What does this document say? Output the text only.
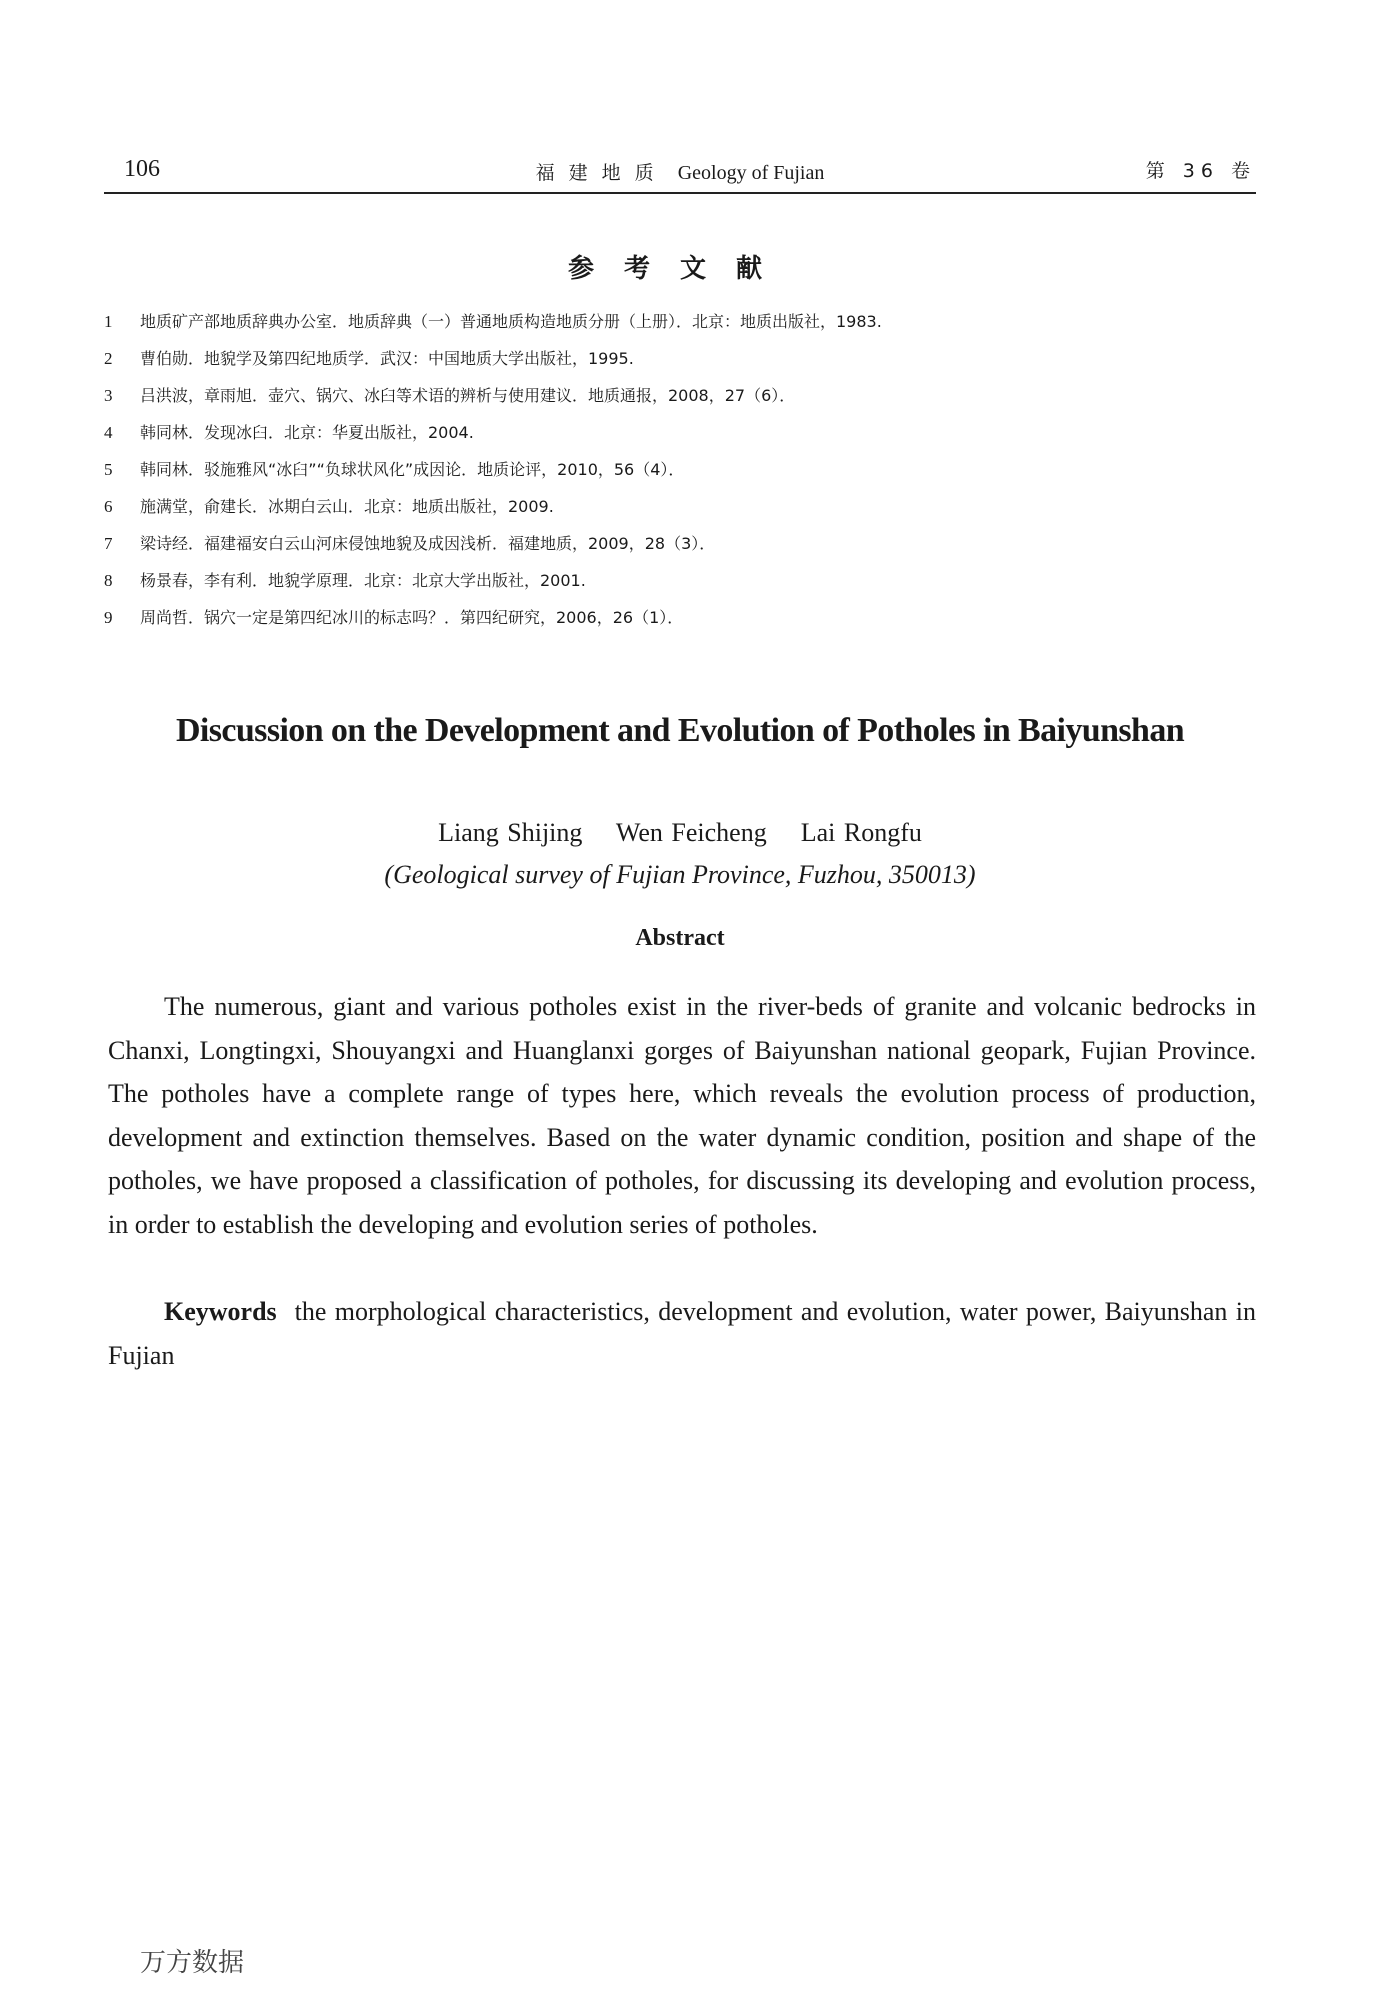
106	福建地质 Geology of Fujian	第 36 卷
参考文献
1 地质矿产部地质辞典办公室．地质辞典（一）普通地质构造地质分册（上册）．北京：地质出版社，1983.
2 曹伯勋．地貌学及第四纪地质学．武汉：中国地质大学出版社，1995.
3 吕洪波，章雨旭．壶穴、锅穴、冰臼等术语的辨析与使用建议．地质通报，2008，27（6）．
4 韩同林．发现冰臼．北京：华夏出版社，2004.
5 韩同林．驳施雅风“冰臼”“负球状风化”成因论．地质论评，2010，56（4）．
6 施满堂，俞建长．冰期白云山．北京：地质出版社，2009.
7 梁诗经．福建福安白云山河床侵蚀地貌及成因浅析．福建地质，2009，28（3）．
8 杨景春，李有利．地貌学原理．北京：北京大学出版社，2001.
9 周尚哲．锅穴一定是第四纪冰川的标志吗？．第四纪研究，2006，26（1）．
Discussion on the Development and Evolution of Potholes in Baiyunshan
Liang Shijing    Wen Feicheng    Lai Rongfu
(Geological survey of Fujian Province, Fuzhou, 350013)
Abstract

The numerous, giant and various potholes exist in the river-beds of granite and volcanic bedrocks in Chanxi, Longtingxi, Shouyangxi and Huanglanxi gorges of Baiyunshan national geopark, Fujian Province. The potholes have a complete range of types here, which reveals the evolution process of production, development and extinction themselves. Based on the water dynamic condition, position and shape of the potholes, we have proposed a classification of potholes, for discussing its developing and evolution process, in order to establish the developing and evolution series of potholes.

Keywords the morphological characteristics, development and evolution, water power, Baiyunshan in Fujian

万方数据
